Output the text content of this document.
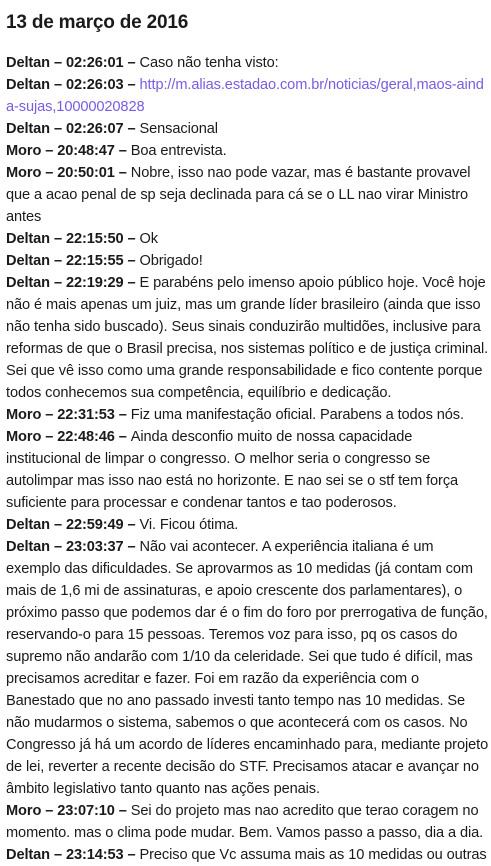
13 de março de 2016

Deltan – 02:26:01 – Caso não tenha visto:

Deltan – 02:26:03 – http://m.alias.estadao.com.br/noticias/geral,maos-ainda-sujas,10000020828

Deltan – 02:26:07 – Sensacional

Moro – 20:48:47 – Boa entrevista.

Moro – 20:50:01 – Nobre, isso nao pode vazar, mas é bastante provavel que a acao penal de sp seja declinada para cá se o LL nao virar Ministro antes

Deltan – 22:15:50 – Ok

Deltan – 22:15:55 – Obrigado!

Deltan – 22:19:29 – E parabéns pelo imenso apoio público hoje. Você hoje não é mais apenas um juiz, mas um grande líder brasileiro (ainda que isso não tenha sido buscado). Seus sinais conduzirão multidões, inclusive para reformas de que o Brasil precisa, nos sistemas político e de justiça criminal. Sei que vê isso como uma grande responsabilidade e fico contente porque todos conhecemos sua competência, equilíbrio e dedicação.

Moro – 22:31:53 – Fiz uma manifestação oficial. Parabens a todos nós.

Moro – 22:48:46 – Ainda desconfio muito de nossa capacidade institucional de limpar o congresso. O melhor seria o congresso se autolimpar mas isso nao está no horizonte. E nao sei se o stf tem força suficiente para processar e condenar tantos e tao poderosos.

Deltan – 22:59:49 – Vi. Ficou ótima.

Deltan – 23:03:37 – Não vai acontecer. A experiência italiana é um exemplo das dificuldades. Se aprovarmos as 10 medidas (já contam com mais de 1,6 mi de assinaturas, e apoio crescente dos parlamentares), o próximo passo que podemos dar é o fim do foro por prerrogativa de função, reservando-o para 15 pessoas. Teremos voz para isso, pq os casos do supremo não andarão com 1/10 da celeridade. Sei que tudo é difícil, mas precisamos acreditar e fazer. Foi em razão da experiência com o Banestado que no ano passado investi tanto tempo nas 10 medidas. Se não mudarmos o sistema, sabemos o que acontecerá com os casos. No Congresso já há um acordo de líderes encaminhado para, mediante projeto de lei, reverter a recente decisão do STF. Precisamos atacar e avançar no âmbito legislativo tanto quanto nas ações penais.

Moro – 23:07:10 – Sei do projeto mas nao acredito que terao coragem no momento. mas o clima pode mudar. Bem. Vamos passo a passo, dia a dia.

Deltan – 23:14:53 – Preciso que Vc assuma mais as 10 medidas ou outras
